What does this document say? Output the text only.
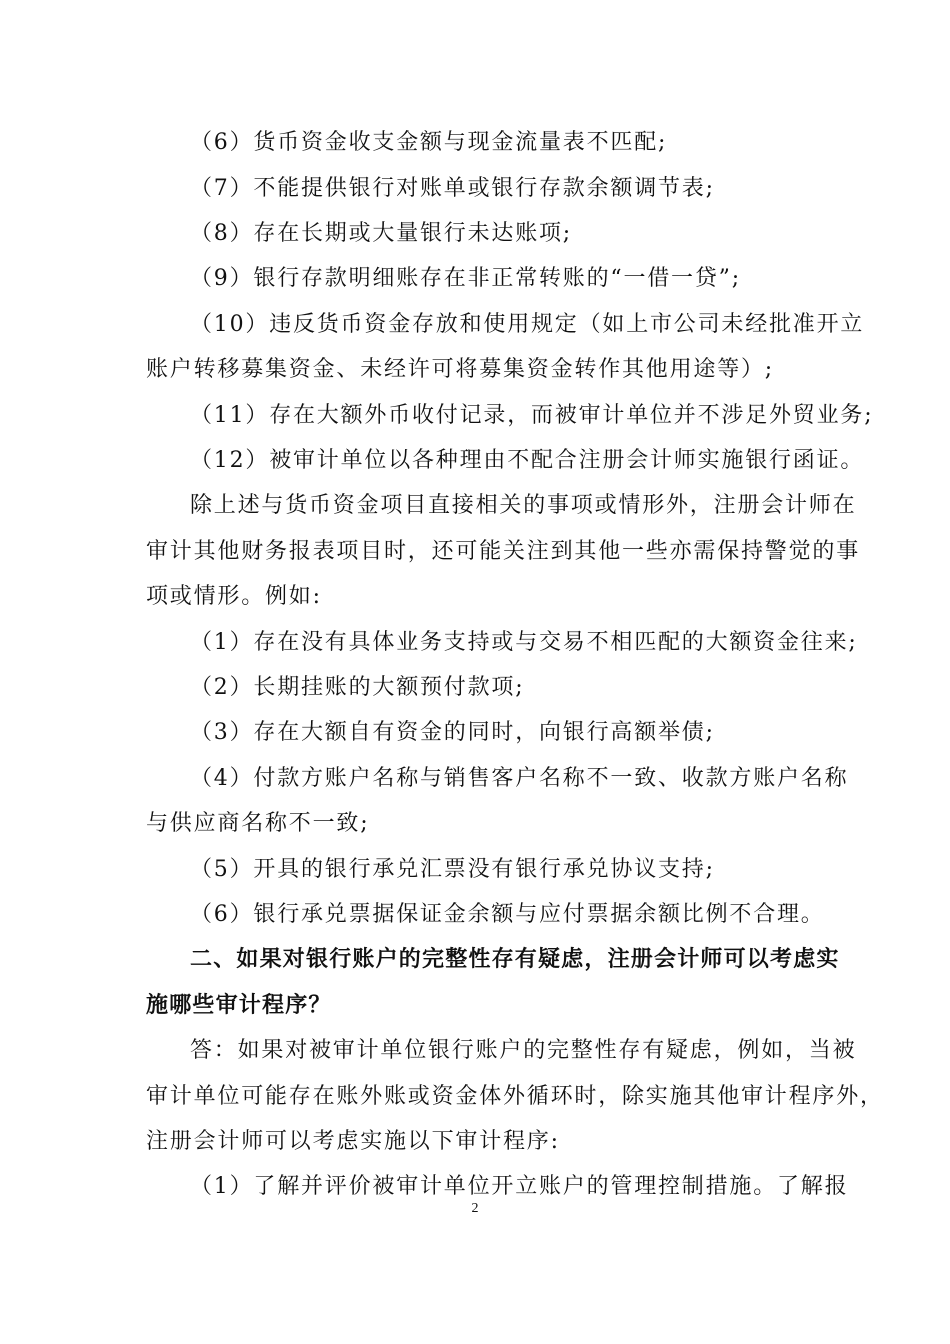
（6）货币资金收支金额与现金流量表不匹配;
（7）不能提供银行对账单或银行存款余额调节表;
（8）存在长期或大量银行未达账项;
（9）银行存款明细账存在非正常转账的“一借一贷”;
（10）违反货币资金存放和使用规定（如上市公司未经批准开立
账户转移募集资金、未经许可将募集资金转作其他用途等）;
（11）存在大额外币收付记录，而被审计单位并不涉足外贸业务;
（12）被审计单位以各种理由不配合注册会计师实施银行函证。
除上述与货币资金项目直接相关的事项或情形外，注册会计师在
审计其他财务报表项目时，还可能关注到其他一些亦需保持警觉的事
项或情形。例如:
（1）存在没有具体业务支持或与交易不相匹配的大额资金往来;
（2）长期挂账的大额预付款项;
（3）存在大额自有资金的同时，向银行高额举债;
（4）付款方账户名称与销售客户名称不一致、收款方账户名称
与供应商名称不一致;
（5）开具的银行承兑汇票没有银行承兑协议支持;
（6）银行承兑票据保证金余额与应付票据余额比例不合理。
二、如果对银行账户的完整性存有疑虑，注册会计师可以考虑实
施哪些审计程序？
答：如果对被审计单位银行账户的完整性存有疑虑，例如，当被
审计单位可能存在账外账或资金体外循环时，除实施其他审计程序外，
注册会计师可以考虑实施以下审计程序:
（1）了解并评价被审计单位开立账户的管理控制措施。了解报
2
